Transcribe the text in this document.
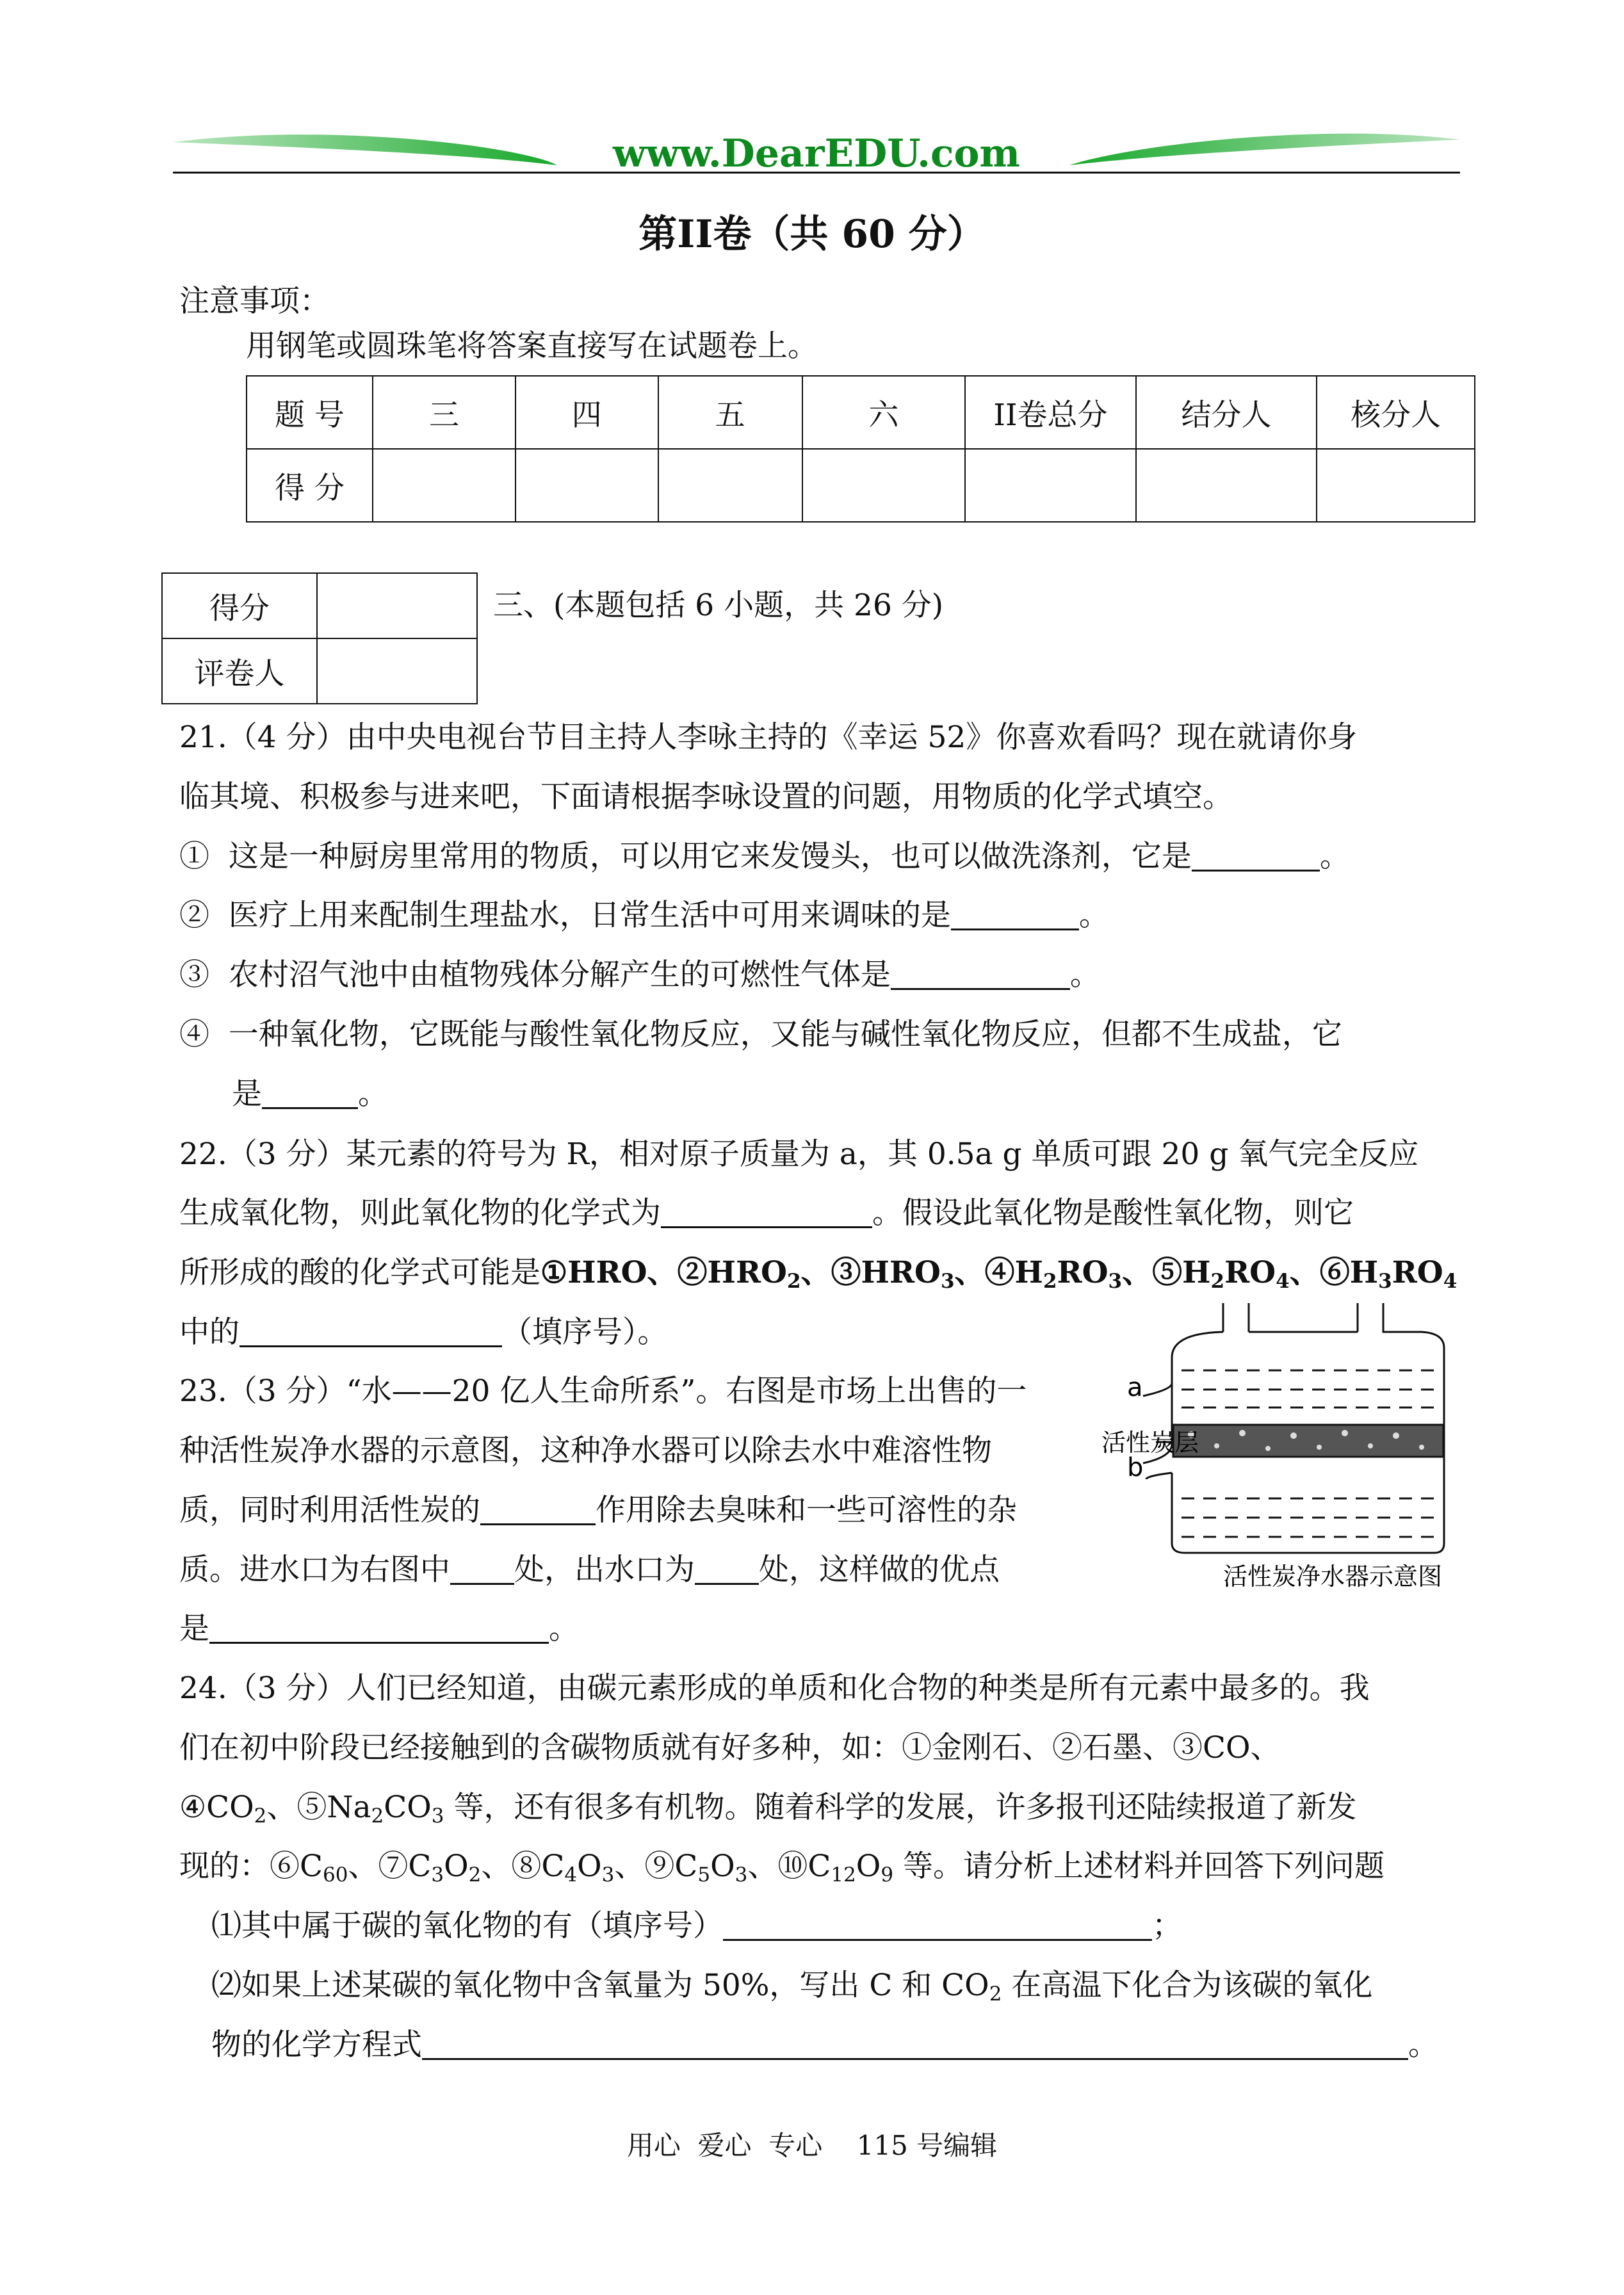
www.DearEDU.com
第II卷（共 60 分）
注意事项：
用钢笔或圆珠笔将答案直接写在试题卷上。
题 号	三	四	五	六	II卷总分	结分人	核分人
得 分							
得分	
评卷人	
三、(本题包括 6 小题，共 26 分)
21.（4 分）由中央电视台节目主持人李咏主持的《幸运 52》你喜欢看吗？现在就请你身
临其境、积极参与进来吧，下面请根据李咏设置的问题，用物质的化学式填空。
① 这是一种厨房里常用的物质，可以用它来发馒头，也可以做洗涤剂，它是	。
② 医疗上用来配制生理盐水，日常生活中可用来调味的是	。
③ 农村沼气池中由植物残体分解产生的可燃性气体是	。
④ 一种氧化物，它既能与酸性氧化物反应，又能与碱性氧化物反应，但都不生成盐，它
是	。
22.（3 分）某元素的符号为 R，相对原子质量为 a，其 0.5a g 单质可跟 20 g 氧气完全反应
生成氧化物，则此氧化物的化学式为	。假设此氧化物是酸性氧化物，则它
所形成的酸的化学式可能是①HRO、$②HRO_2$、$③HRO_3$、$④H_2RO_3$、$⑤H_2RO_4$、$⑥H_3RO_4$
中的	（填序号）。
23.（3 分）“水——20 亿人生命所系”。右图是市场上出售的一
种活性炭净水器的示意图，这种净水器可以除去水中难溶性物
质，同时利用活性炭的	作用除去臭味和一些可溶性的杂
质。进水口为右图中 处，出水口为 处，这样做的优点
是	。
a
b
活性炭层
活性炭净水器示意图
24.（3 分）人们已经知道，由碳元素形成的单质和化合物的种类是所有元素中最多的。我
们在初中阶段已经接触到的含碳物质就有好多种，如：①金刚石、②石墨、③CO、
$④CO_2$、$⑤Na_2CO_3$ 等，还有很多有机物。随着科学的发展，许多报刊还陆续报道了新发
现的：$⑥C_{60}$、$⑦C_3O_2$、$⑧C_4O_3$、$⑨C_5O_3$、$⑩C_{12}O_9$ 等。请分析上述材料并回答下列问题
⑴其中属于碳的氧化物的有（填序号）	；
⑵如果上述某碳的氧化物中含氧量为 50%，写出 C 和 $CO_2$ 在高温下化合为该碳的氧化
物的化学方程式	。
用心  爱心  专心    115 号编辑
